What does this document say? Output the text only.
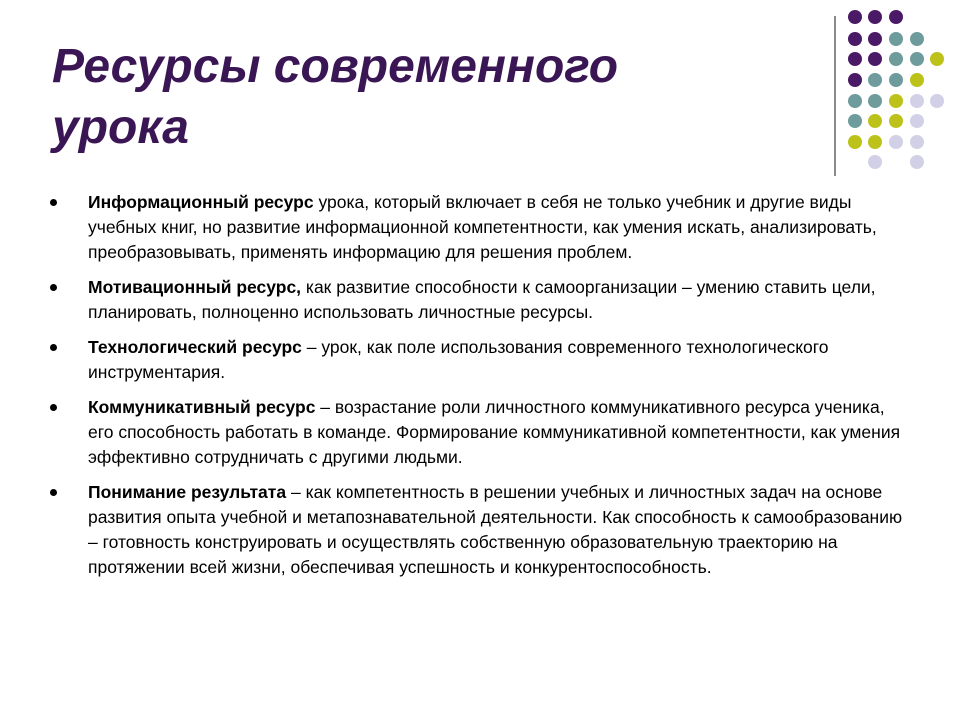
Ресурсы современного
урока
Информационный ресурс урока, который включает в себя не только учебник и другие виды учебных книг, но развитие информационной компетентности, как умения искать, анализировать, преобразовывать, применять информацию для решения проблем.
Мотивационный ресурс, как развитие способности к самоорганизации – умению ставить цели, планировать, полноценно использовать личностные ресурсы.
Технологический ресурс – урок, как поле использования современного технологического инструментария.
Коммуникативный ресурс – возрастание роли личностного коммуникативного ресурса ученика, его способность работать в команде. Формирование коммуникативной компетентности, как умения эффективно сотрудничать с другими людьми.
Понимание результата – как компетентность в решении учебных и личностных задач на основе развития опыта учебной и метапознавательной деятельности. Как способность к самообразованию – готовность конструировать и осуществлять собственную образовательную траекторию на протяжении всей жизни, обеспечивая успешность и конкурентоспособность.
